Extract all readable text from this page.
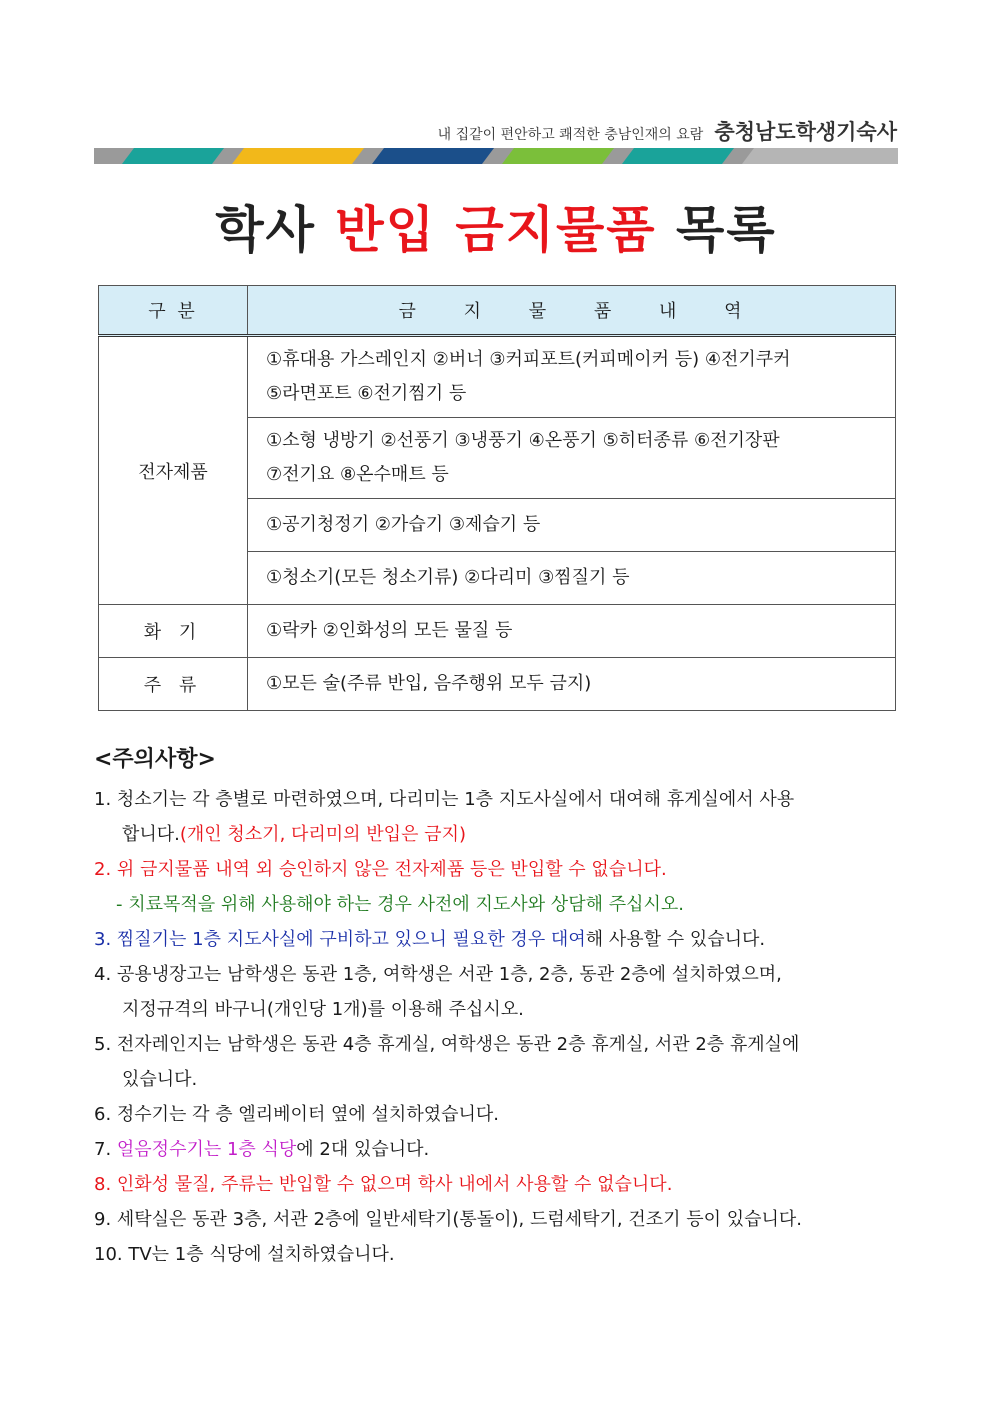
내 집같이 편안하고 쾌적한 충남인재의 요람 충청남도학생기숙사
학사 반입 금지물품 목록
구 분	금 지 물 품 내 역
전자제품	①휴대용 가스레인지 ②버너 ③커피포트(커피메이커 등) ④전기쿠커
⑤라면포트 ⑥전기찜기 등

	①소형 냉방기 ②선풍기 ③냉풍기 ④온풍기 ⑤히터종류 ⑥전기장판
⑦전기요 ⑧온수매트 등

	①공기청정기 ②가습기 ③제습기 등

	①청소기(모든 청소기류) ②다리미 ③찜질기 등

화 기	①락카 ②인화성의 모든 물질 등

주 류	①모든 술(주류 반입, 음주행위 모두 금지)
<주의사항>
1. 청소기는 각 층별로 마련하였으며, 다리미는 1층 지도사실에서 대여해 휴게실에서 사용
합니다.(개인 청소기, 다리미의 반입은 금지)
2. 위 금지물품 내역 외 승인하지 않은 전자제품 등은 반입할 수 없습니다.
- 치료목적을 위해 사용해야 하는 경우 사전에 지도사와 상담해 주십시오.
3. 찜질기는 1층 지도사실에 구비하고 있으니 필요한 경우 대여해 사용할 수 있습니다.
4. 공용냉장고는 남학생은 동관 1층, 여학생은 서관 1층, 2층, 동관 2층에 설치하였으며,
지정규격의 바구니(개인당 1개)를 이용해 주십시오.
5. 전자레인지는 남학생은 동관 4층 휴게실, 여학생은 동관 2층 휴게실, 서관 2층 휴게실에
있습니다.
6. 정수기는 각 층 엘리베이터 옆에 설치하였습니다.
7. 얼음정수기는 1층 식당에 2대 있습니다.
8. 인화성 물질, 주류는 반입할 수 없으며 학사 내에서 사용할 수 없습니다.
9. 세탁실은 동관 3층, 서관 2층에 일반세탁기(통돌이), 드럼세탁기, 건조기 등이 있습니다.
10. TV는 1층 식당에 설치하였습니다.
